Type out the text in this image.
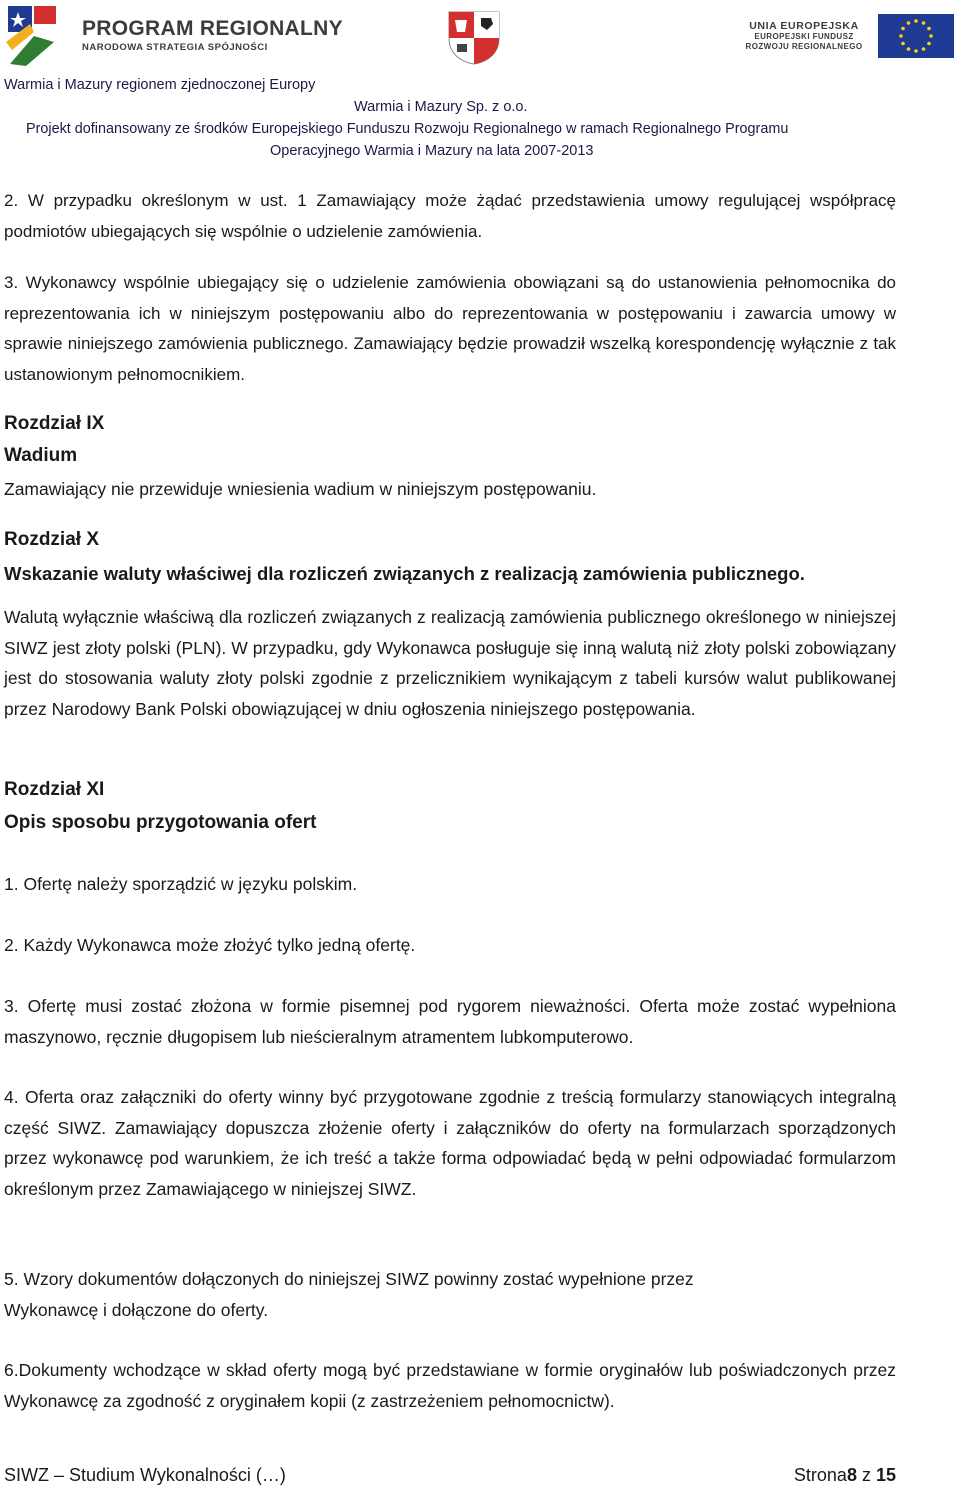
PROGRAM REGIONALNY
NARODOWA STRATEGIA SPÓJNOŚCI
UNIA EUROPEJSKA
EUROPEJSKI FUNDUSZ
ROZWOJU REGIONALNEGO
Warmia i Mazury regionem zjednoczonej Europy
Warmia i Mazury Sp. z o.o.
Projekt dofinansowany ze środków Europejskiego Funduszu Rozwoju Regionalnego w ramach Regionalnego Programu
Operacyjnego Warmia i Mazury na lata 2007-2013
2. W przypadku określonym w ust. 1 Zamawiający może żądać przedstawienia umowy regulującej współpracę podmiotów ubiegających się wspólnie o udzielenie zamówienia.
3. Wykonawcy wspólnie ubiegający się o udzielenie zamówienia obowiązani są do ustanowienia pełnomocnika do reprezentowania ich w niniejszym postępowaniu albo do reprezentowania w postępowaniu i zawarcia umowy w sprawie niniejszego zamówienia publicznego. Zamawiający będzie prowadził wszelką korespondencję wyłącznie z tak ustanowionym pełnomocnikiem.
Rozdział IX
Wadium
Zamawiający nie przewiduje wniesienia wadium w niniejszym postępowaniu.
Rozdział X
Wskazanie waluty właściwej dla rozliczeń związanych z realizacją zamówienia publicznego.
Walutą wyłącznie właściwą dla rozliczeń związanych z realizacją zamówienia publicznego określonego w niniejszej SIWZ jest złoty polski (PLN). W przypadku, gdy Wykonawca posługuje się inną walutą niż złoty polski zobowiązany jest do stosowania waluty złoty polski zgodnie z przelicznikiem wynikającym z tabeli kursów walut publikowanej przez Narodowy Bank Polski obowiązującej w dniu ogłoszenia niniejszego postępowania.
Rozdział XI
Opis sposobu przygotowania ofert
1. Ofertę należy sporządzić w języku polskim.
2. Każdy Wykonawca może złożyć tylko jedną ofertę.
3. Ofertę musi zostać złożona w formie pisemnej pod rygorem nieważności. Oferta może zostać wypełniona maszynowo, ręcznie długopisem lub nieścieralnym atramentem lubkomputerowo.
4. Oferta oraz załączniki do oferty winny być przygotowane zgodnie z treścią formularzy stanowiących integralną część SIWZ. Zamawiający dopuszcza złożenie oferty i załączników do oferty na formularzach sporządzonych przez wykonawcę pod warunkiem, że ich treść a także forma odpowiadać będą w pełni odpowiadać formularzom określonym przez Zamawiającego w niniejszej SIWZ.
5. Wzory dokumentów dołączonych do niniejszej SIWZ powinny zostać wypełnione przez
Wykonawcę i dołączone do oferty.
6.Dokumenty wchodzące w skład oferty mogą być przedstawiane w formie oryginałów lub poświadczonych przez Wykonawcę za zgodność z oryginałem kopii (z zastrzeżeniem pełnomocnictw).
SIWZ – Studium Wykonalności (…)	Strona8 z 15
